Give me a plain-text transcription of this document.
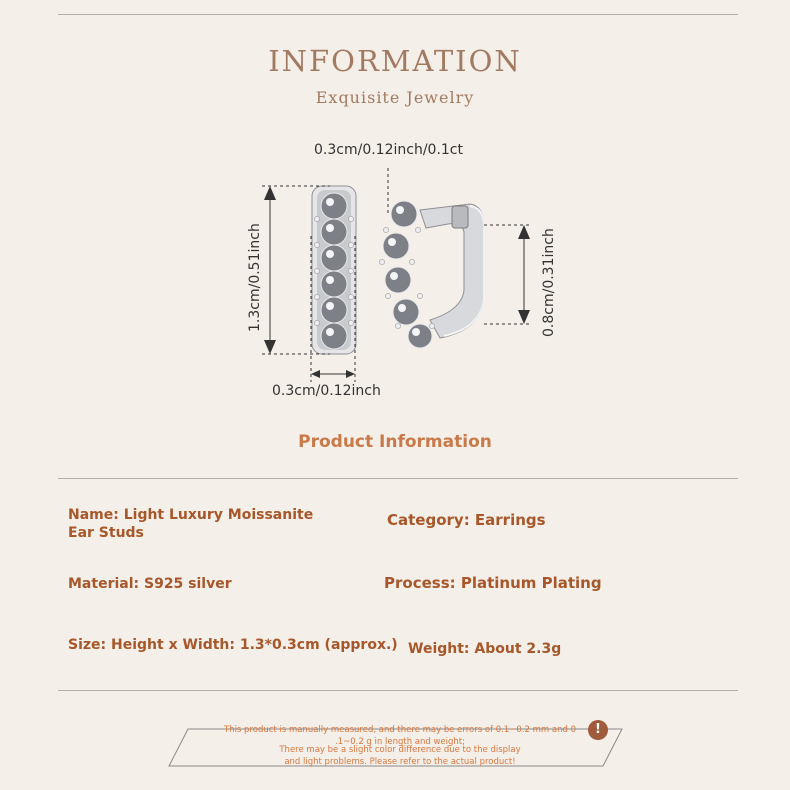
INFORMATION
Exquisite Jewelry
0.3cm/0.12inch/0.1ct
1.3cm/0.51inch
0.3cm/0.12inch
0.8cm/0.31inch
Product Information
Name: Light Luxury Moissanite Ear Studs
Category: Earrings
Material: S925 silver	Process: Platinum Plating
Size: Height x Width: 1.3*0.3cm (approx.) Weight: About 2.3g
This product is manually measured, and there may be errors of 0.1~0.2 mm and 0
.1~0.2 g in length and weight;
There may be a slight color difference due to the display
and light problems. Please refer to the actual product!
!
